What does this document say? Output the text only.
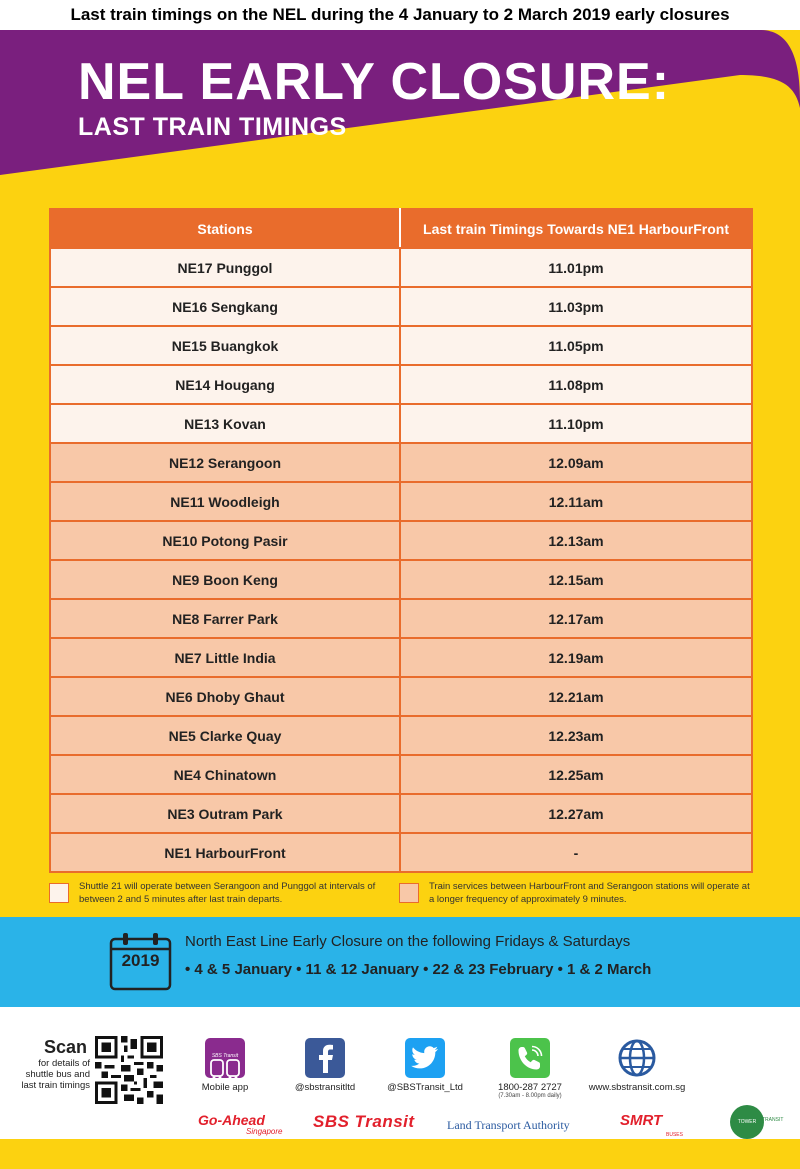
Last train timings on the NEL during the 4 January to 2 March 2019 early closures
NEL EARLY CLOSURE:
LAST TRAIN TIMINGS
Stations	Last train Timings Towards NE1 HarbourFront
NE17 Punggol	11.01pm
NE16 Sengkang	11.03pm
NE15 Buangkok	11.05pm
NE14 Hougang	11.08pm
NE13 Kovan	11.10pm
NE12 Serangoon	12.09am
NE11 Woodleigh	12.11am
NE10 Potong Pasir	12.13am
NE9 Boon Keng	12.15am
NE8 Farrer Park	12.17am
NE7 Little India	12.19am
NE6 Dhoby Ghaut	12.21am
NE5 Clarke Quay	12.23am
NE4 Chinatown	12.25am
NE3 Outram Park	12.27am
NE1 HarbourFront	-
Shuttle 21 will operate between Serangoon and Punggol at intervals of between 2 and 5 minutes after last train departs.
Train services between HarbourFront and Serangoon stations will operate at a longer frequency of approximately 9 minutes.
2019
North East Line Early Closure on the following Fridays & Saturdays
• 4 & 5 January • 11 & 12 January • 22 & 23 February • 1 & 2 March
Scan
for details of shuttle bus and last train timings
SBS Transit
Mobile app	@sbstransitltd	@SBSTransit_Ltd	1800-287 2727
(7.30am - 8.00pm daily)
www.sbstransit.com.sg
Go-Ahead
Singapore
SBS Transit	Land Transport Authority	SMRT
BUSES
TOWER	TRANSIT
